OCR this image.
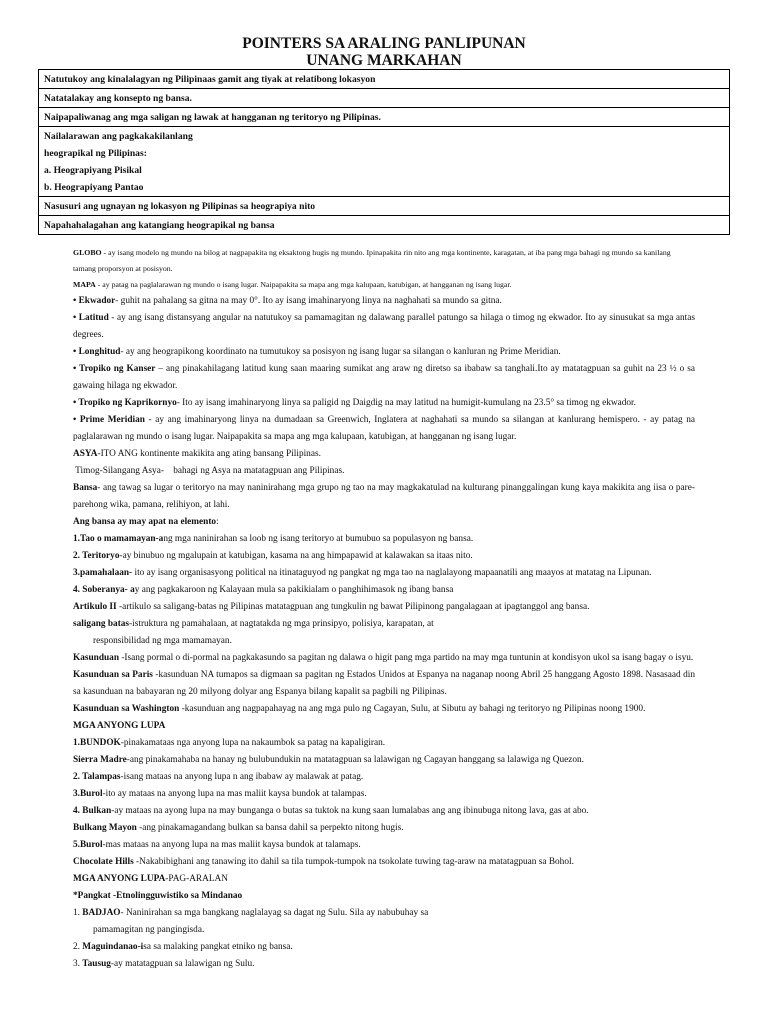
POINTERS SA ARALING PANLIPUNAN
UNANG MARKAHAN
Natutukoy ang kinalalagyan ng Pilipinaas gamit ang tiyak at relatibong lokasyon
Natatalakay ang konsepto ng bansa.
Naipapaliwanag ang mga saligan ng lawak at hangganan ng teritoryo ng Pilipinas.

Nailalarawan ang pagkakakilanlang
heograpikal ng Pilipinas:
a. Heograpiyang Pisikal
b. Heograpiyang Pantao

Nasusuri ang ugnayan ng lokasyon ng Pilipinas sa heograpiya nito
Napahahalagahan ang katangiang heograpikal ng bansa
GLOBO - ay isang modelo ng mundo na bilog at nagpapakita ng eksaktong hugis ng mundo. Ipinapakita rin nito ang mga kontinente, karagatan, at iba pang mga bahagi ng mundo sa kanilang tamang proporsyon at posisyon.
MAPA - ay patag na paglalarawan ng mundo o isang lugar. Naipapakita sa mapa ang mga kalupaan, katubigan, at hangganan ng isang lugar.
• Ekwador- guhit na pahalang sa gitna na may 0°. Ito ay isang imahinaryong linya na naghahati sa mundo sa gitna.
• Latitud - ay ang isang distansyang angular na natutukoy sa pamamagitan ng dalawang parallel patungo sa hilaga o timog ng ekwador. Ito ay sinusukat sa mga antas degrees.
• Longhitud- ay ang heograpikong koordinato na tumutukoy sa posisyon ng isang lugar sa silangan o kanluran ng Prime Meridian.
• Tropiko ng Kanser – ang pinakahilagang latitud kung saan maaring sumikat ang araw ng diretso sa ibabaw sa tanghali.Ito ay matatagpuan sa guhit na 23 ½ o sa gawaing hilaga ng ekwador.
• Tropiko ng Kaprikornyo- Ito ay isang imahinaryong linya sa paligid ng Daigdig na may latitud na humigit-kumulang na 23.5° sa timog ng ekwador.
• Prime Meridian - ay ang imahinaryong linya na dumadaan sa Greenwich, Inglatera at naghahati sa mundo sa silangan at kanlurang hemispero. - ay patag na paglalarawan ng mundo o isang lugar. Naipapakita sa mapa ang mga kalupaan, katubigan, at hangganan ng isang lugar.
ASYA-ITO ANG kontinente makikita ang ating bansang Pilipinas.
Timog-Silangang Asya-    bahagi ng Asya na matatagpuan ang Pilipinas.
Bansa- ang tawag sa lugar o teritoryo na may naninirahang mga grupo ng tao na may magkakatulad na kulturang pinanggalingan kung kaya makikita ang iisa o pare-parehong wika, pamana, relihiyon, at lahi.
Ang bansa ay may apat na elemento:
1.Tao o mamamayan-ang mga naninirahan sa loob ng isang teritoryo at bumubuo sa populasyon ng bansa.
2. Teritoryo-ay binubuo ng mgalupain at katubigan, kasama na ang himpapawid at kalawakan sa itaas nito.
3.pamahalaan- ito ay isang organisasyong political na itinataguyod ng pangkat ng mga tao na naglalayong mapaanatili ang maayos at matatag na Lipunan.
4. Soberanya- ay ang pagkakaroon ng Kalayaan mula sa pakikialam o panghihimasok ng ibang bansa
Artikulo II -artikulo sa saligang-batas ng Pilipinas matatagpuan ang tungkulin ng bawat Pilipinong pangalagaan at ipagtanggol ang bansa.
saligang batas-istruktura ng pamahalaan, at nagtatakda ng mga prinsipyo, polisiya, karapatan, at
responsibilidad ng mga mamamayan.
Kasunduan -Isang pormal o di-pormal na pagkakasundo sa pagitan ng dalawa o higit pang mga partido na may mga tuntunin at kondisyon ukol sa isang bagay o isyu.
Kasunduan sa Paris -kasunduan NA tumapos sa digmaan sa pagitan ng Estados Unidos at Espanya na naganap noong Abril 25 hanggang Agosto 1898. Nasasaad din sa kasunduan na babayaran ng 20 milyong dolyar ang Espanya bilang kapalit sa pagbili ng Pilipinas.
Kasunduan sa Washington -kasunduan ang nagpapahayag na ang mga pulo ng Cagayan, Sulu, at Sibutu ay bahagi ng teritoryo ng Pilipinas noong 1900.
MGA ANYONG LUPA
1.BUNDOK-pinakamataas nga anyong lupa na nakaumbok sa patag na kapaligiran.
Sierra Madre-ang pinakamahaba na hanay ng bulubundukin na matatagpuan sa lalawigan ng Cagayan hanggang sa lalawiga ng Quezon.
2. Talampas-isang mataas na anyong lupa n ang ibabaw ay malawak at patag.
3.Burol-ito ay mataas na anyong lupa na mas maliit kaysa bundok at talampas.
4. Bulkan-ay mataas na ayong lupa na may bunganga o butas sa tuktok na kung saan lumalabas ang ang ibinubuga nitong lava, gas at abo.
Bulkang Mayon -ang pinakamagandang bulkan sa bansa dahil sa perpekto nitong hugis.
5.Burol-mas mataas na anyong lupa na mas maliit kaysa bundok at talamaps.
Chocolate Hills -Nakabibighani ang tanawing ito dahil sa tila tumpok-tumpok na tsokolate tuwing tag-araw na matatagpuan sa Bohol.
MGA ANYONG LUPA-PAG-ARALAN
*Pangkat -Etnolingguwistiko sa Mindanao
1. BADJAO- Naninirahan sa mga bangkang naglalayag sa dagat ng Sulu. Sila ay nabubuhay sa
pamamagitan ng pangingisda.
2. Maguindanao-isa sa malaking pangkat etniko ng bansa.
3. Tausug-ay matatagpuan sa lalawigan ng Sulu.
